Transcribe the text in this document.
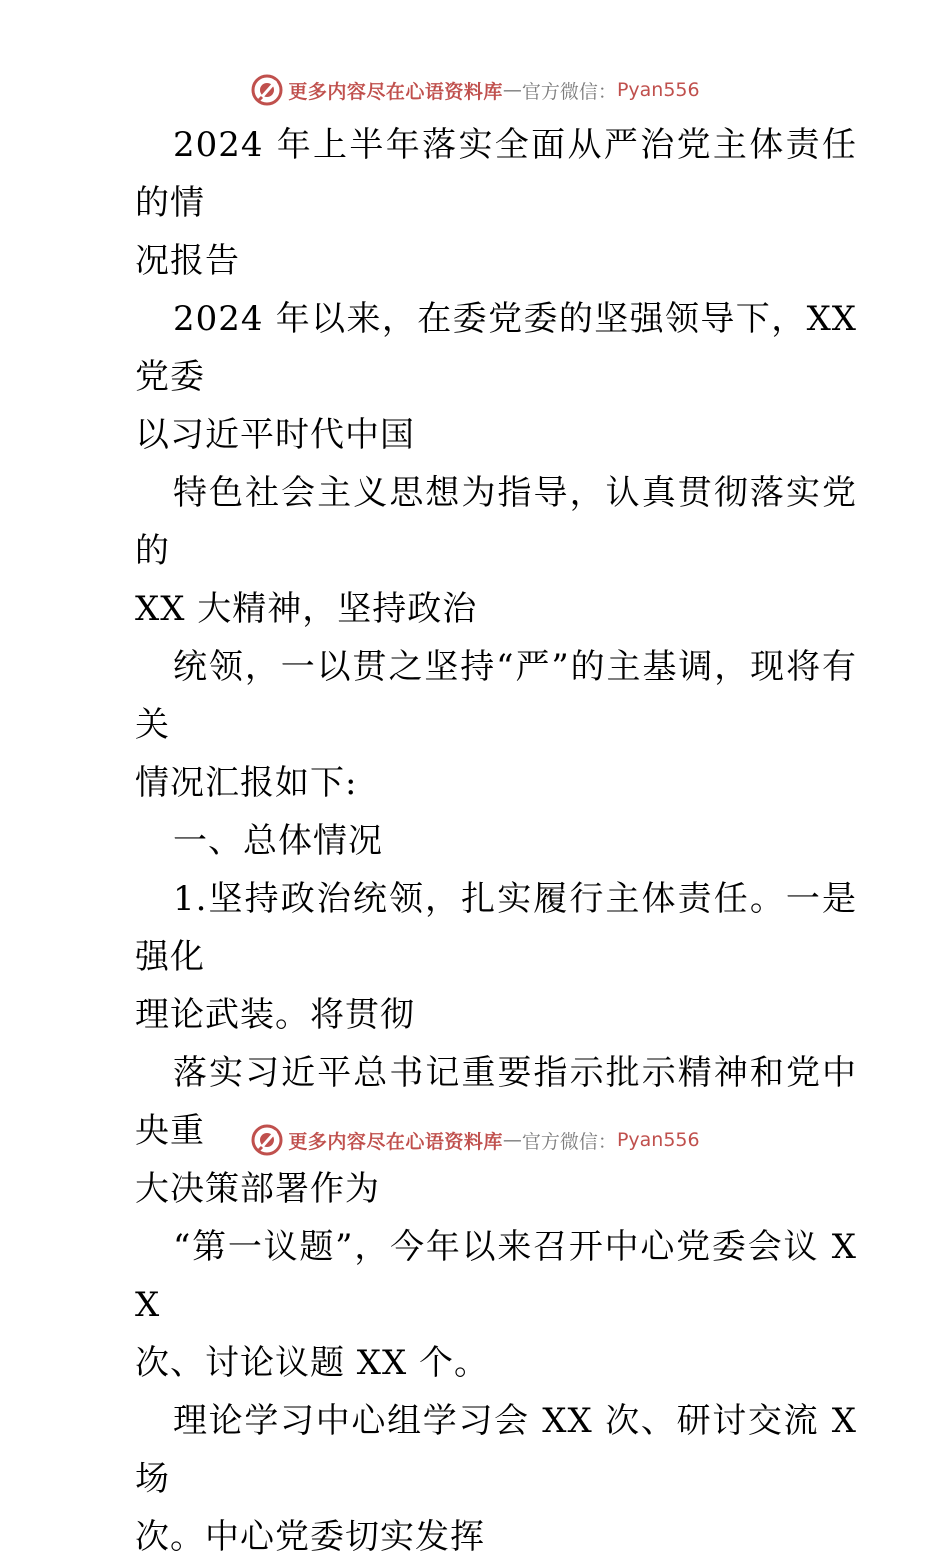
更多内容尽在心语资料库 — 官方微信： Pyan556

2024 年上半年落实全面从严治党主体责任的情
况报告
2024 年以来，在委党委的坚强领导下，XX 党委
以习近平时代中国
特色社会主义思想为指导，认真贯彻落实党的
XX 大精神，坚持政治
统领，一以贯之坚持“严”的主基调，现将有关
情况汇报如下:
一、总体情况
1.坚持政治统领，扎实履行主体责任。一是强化
理论武装。将贯彻
落实习近平总书记重要指示批示精神和党中央重
大决策部署作为
“第一议题”，今年以来召开中心党委会议 XX
次、讨论议题 XX 个。
理论学习中心组学习会 XX 次、研讨交流 X 场
次。中心党委切实发挥

更多内容尽在心语资料库 — 官方微信： Pyan556
